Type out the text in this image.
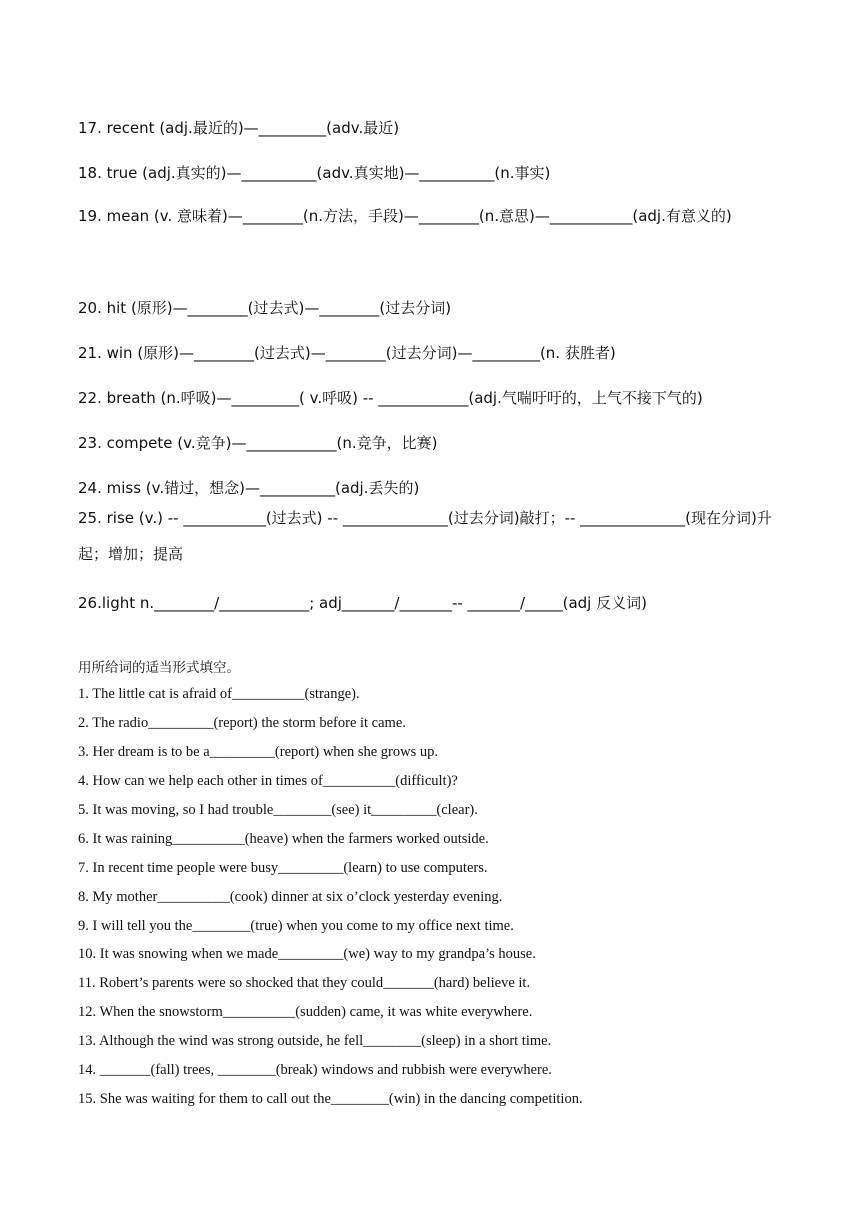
17. recent (adj.最近的)—_________(adv.最近)
18. true (adj.真实的)—__________(adv.真实地)—__________(n.事实)
19. mean (v. 意味着)—________(n.方法，手段)—________(n.意思)—___________(adj.有意义的)
20. hit (原形)—________(过去式)—________(过去分词)
21. win (原形)—________(过去式)—________(过去分词)—_________(n. 获胜者)
22. breath (n.呼吸)—_________( v.呼吸) -- ____________(adj.气喘吁吁的，上气不接下气的)
23. compete (v.竞争)—____________(n.竞争，比赛)
24. miss (v.错过，想念)—__________(adj.丢失的)
25. rise (v.) -- ___________(过去式) -- ______________(过去分词)敲打；-- ______________(现在分词)升起；增加；提高
26.light n.________/____________; adj_______/_______-- _______/_____(adj 反义词)
用所给词的适当形式填空。
1. The little cat is afraid of__________(strange).
2. The radio_________(report) the storm before it came.
3. Her dream is to be a_________(report) when she grows up.
4. How can we help each other in times of__________(difficult)?
5. It was moving, so I had trouble________(see) it_________(clear).
6. It was raining__________(heave) when the farmers worked outside.
7. In recent time people were busy_________(learn) to use computers.
8. My mother__________(cook) dinner at six o’clock yesterday evening.
9. I will tell you the________(true) when you come to my office next time.
10. It was snowing when we made_________(we) way to my grandpa’s house.
11. Robert’s parents were so shocked that they could_______(hard) believe it.
12. When the snowstorm__________(sudden) came, it was white everywhere.
13. Although the wind was strong outside, he fell________(sleep) in a short time.
14. _______(fall) trees, ________(break) windows and rubbish were everywhere.
15. She was waiting for them to call out the________(win) in the dancing competition.
